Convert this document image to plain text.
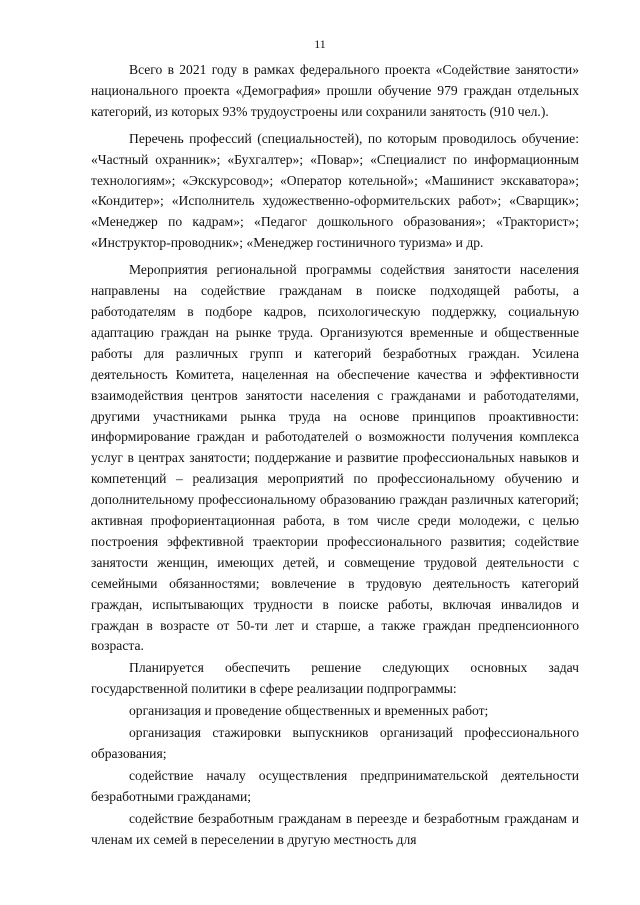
11

Всего в 2021 году в рамках федерального проекта «Содействие занятости» национального проекта «Демография» прошли обучение 979 граждан отдельных категорий, из которых 93% трудоустроены или сохранили занятость (910 чел.).

Перечень профессий (специальностей), по которым проводилось обучение: «Частный охранник»; «Бухгалтер»; «Повар»; «Специалист по информационным технологиям»; «Экскурсовод»; «Оператор котельной»; «Машинист экскаватора»; «Кондитер»; «Исполнитель художественно-оформительских работ»; «Сварщик»; «Менеджер по кадрам»; «Педагог дошкольного образования»; «Тракторист»; «Инструктор-проводник»; «Менеджер гостиничного туризма» и др.

Мероприятия региональной программы содействия занятости населения направлены на содействие гражданам в поиске подходящей работы, а работодателям в подборе кадров, психологическую поддержку, социальную адаптацию граждан на рынке труда. Организуются временные и общественные работы для различных групп и категорий безработных граждан. Усилена деятельность Комитета, нацеленная на обеспечение качества и эффективности взаимодействия центров занятости населения с гражданами и работодателями, другими участниками рынка труда на основе принципов проактивности: информирование граждан и работодателей о возможности получения комплекса услуг в центрах занятости; поддержание и развитие профессиональных навыков и компетенций – реализация мероприятий по профессиональному обучению и дополнительному профессиональному образованию граждан различных категорий; активная профориентационная работа, в том числе среди молодежи, с целью построения эффективной траектории профессионального развития; содействие занятости женщин, имеющих детей, и совмещение трудовой деятельности с семейными обязанностями; вовлечение в трудовую деятельность категорий граждан, испытывающих трудности в поиске работы, включая инвалидов и граждан в возрасте от 50-ти лет и старше, а также граждан предпенсионного возраста.

Планируется обеспечить решение следующих основных задач государственной политики в сфере реализации подпрограммы:

организация и проведение общественных и временных работ;

организация стажировки выпускников организаций профессионального образования;

содействие началу осуществления предпринимательской деятельности безработными гражданами;

содействие безработным гражданам в переезде и безработным гражданам и членам их семей в переселении в другую местность для
